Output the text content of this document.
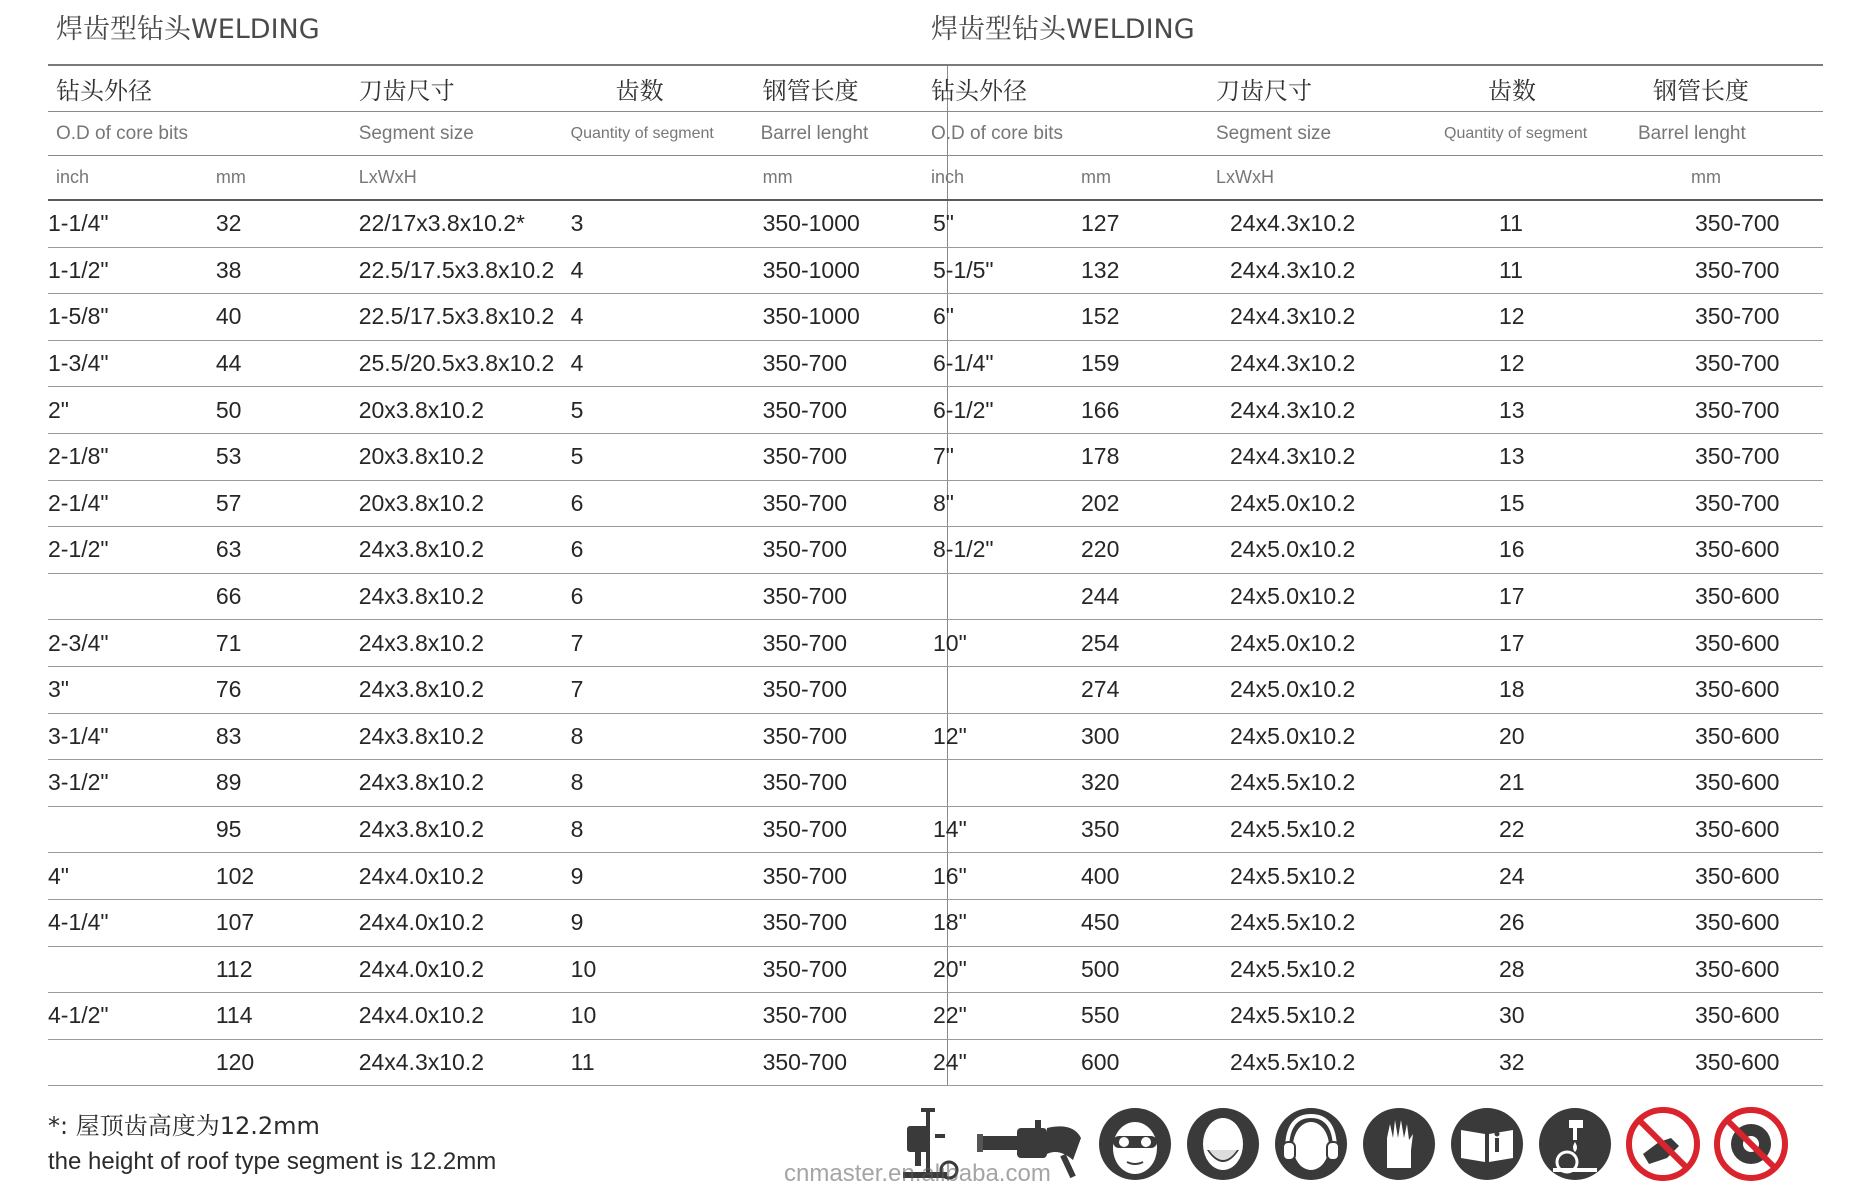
焊齿型钻头WELDING
钻头外径		刀齿尺寸	齿数	钢管长度
O.D of core bits		Segment size	Quantity of segment	Barrel lenght
inch	mm	LxWxH		mm
1-1/4"	32	22/17x3.8x10.2*	3	350-1000
1-1/2"	38	22.5/17.5x3.8x10.2	4	350-1000
1-5/8"	40	22.5/17.5x3.8x10.2	4	350-1000
1-3/4"	44	25.5/20.5x3.8x10.2	4	350-700
2"	50	20x3.8x10.2	5	350-700
2-1/8"	53	20x3.8x10.2	5	350-700
2-1/4"	57	20x3.8x10.2	6	350-700
2-1/2"	63	24x3.8x10.2	6	350-700
	66	24x3.8x10.2	6	350-700
2-3/4"	71	24x3.8x10.2	7	350-700
3"	76	24x3.8x10.2	7	350-700
3-1/4"	83	24x3.8x10.2	8	350-700
3-1/2"	89	24x3.8x10.2	8	350-700
	95	24x3.8x10.2	8	350-700
4"	102	24x4.0x10.2	9	350-700
4-1/4"	107	24x4.0x10.2	9	350-700
	112	24x4.0x10.2	10	350-700
4-1/2"	114	24x4.0x10.2	10	350-700
	120	24x4.3x10.2	11	350-700
焊齿型钻头WELDING
钻头外径		刀齿尺寸	齿数	钢管长度
O.D of core bits		Segment size	Quantity of segment	Barrel lenght
inch	mm	LxWxH		mm
5"	127	24x4.3x10.2	11	350-700
5-1/5"	132	24x4.3x10.2	11	350-700
6"	152	24x4.3x10.2	12	350-700
6-1/4"	159	24x4.3x10.2	12	350-700
6-1/2"	166	24x4.3x10.2	13	350-700
7"	178	24x4.3x10.2	13	350-700
8"	202	24x5.0x10.2	15	350-700
8-1/2"	220	24x5.0x10.2	16	350-600
	244	24x5.0x10.2	17	350-600
10"	254	24x5.0x10.2	17	350-600
	274	24x5.0x10.2	18	350-600
12"	300	24x5.0x10.2	20	350-600
	320	24x5.5x10.2	21	350-600
14"	350	24x5.5x10.2	22	350-600
16"	400	24x5.5x10.2	24	350-600
18"	450	24x5.5x10.2	26	350-600
20"	500	24x5.5x10.2	28	350-600
22"	550	24x5.5x10.2	30	350-600
24"	600	24x5.5x10.2	32	350-600
*: 屋顶齿高度为12.2mm
the height of roof type segment is 12.2mm	cnmaster.en.alibaba.com
